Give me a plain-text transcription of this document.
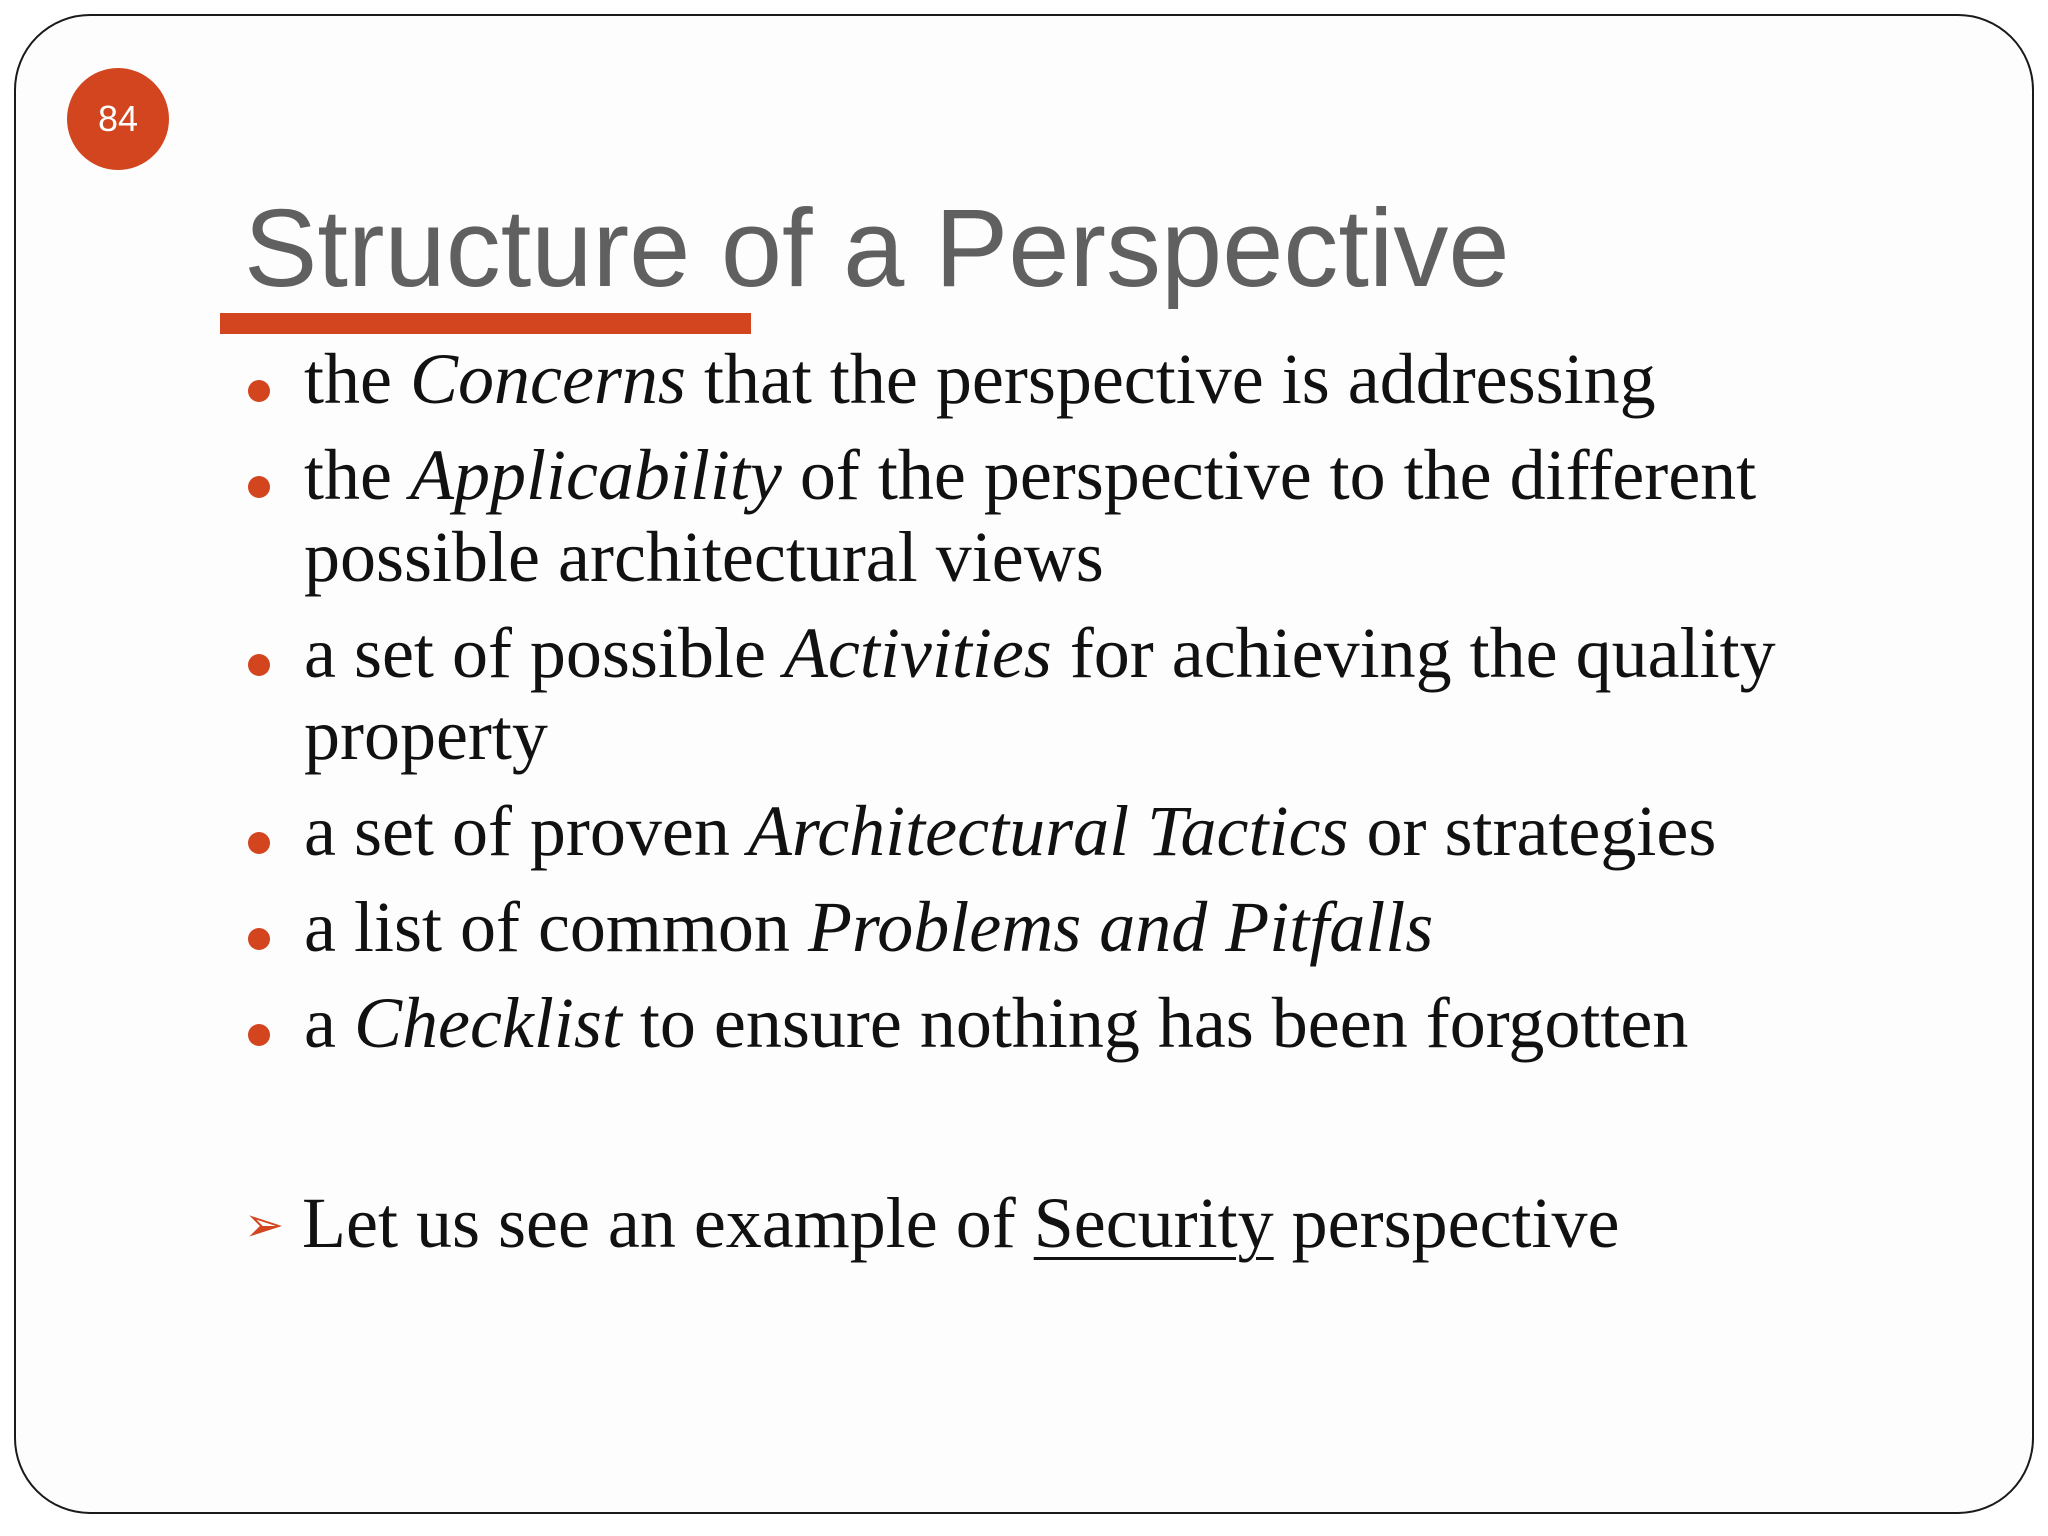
84
Structure of a Perspective
the Concerns that the perspective is addressing
the Applicability of the perspective to the different possible architectural views
a set of possible Activities for achieving the quality property
a set of proven Architectural Tactics or strategies
a list of common Problems and Pitfalls
a Checklist to ensure nothing has been forgotten
➢ Let us see an example of Security perspective
